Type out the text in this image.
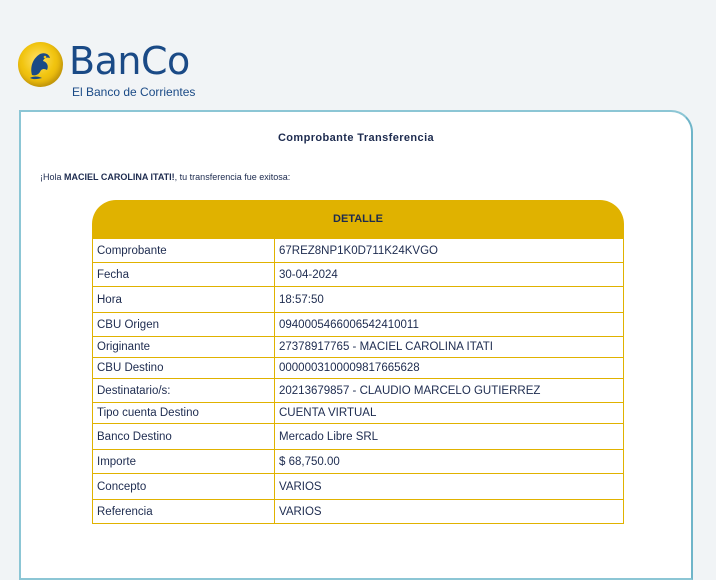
BanCo
El Banco de Corrientes
Comprobante Transferencia
¡Hola MACIEL CAROLINA ITATI!, tu transferencia fue exitosa:
DETALLE
Comprobante	67REZ8NP1K0D711K24KVGO
Fecha	30-04-2024
Hora	18:57:50
CBU Origen	0940005466006542410011
Originante	27378917765 - MACIEL CAROLINA ITATI
CBU Destino	0000003100009817665628
Destinatario/s:	20213679857 - CLAUDIO MARCELO GUTIERREZ
Tipo cuenta Destino	CUENTA VIRTUAL
Banco Destino	Mercado Libre SRL
Importe	$ 68,750.00
Concepto	VARIOS
Referencia	VARIOS
